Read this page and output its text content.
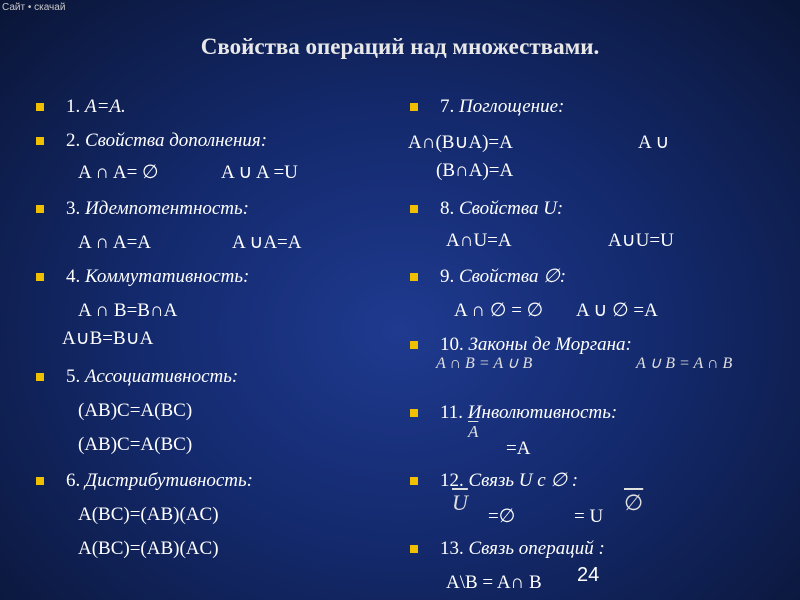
Сайт • скачай
Свойства операций над множествами.
1. A=A.
2. Свойства дополнения:
A ∩ A= ∅	A ∪ A =U
3. Идемпотентность:
A ∩ A=A	A ∪A=A
4. Коммутативность:
A ∩ B=B∩A
A∪B=B∪A
5. Ассоциативность:
(AB)C=A(BC)
(AB)C=A(BC)
6. Дистрибутивность:
A(BC)=(AB)(AC)
A(BC)=(AB)(AC)
7. Поглощение:
A∩(B∪A)=A	A ∪
(B∩A)=A
8. Свойства U:
A∩U=A	A∪U=U
9. Свойства ∅:
A ∩ ∅ = ∅ A ∪ ∅ =A
10. Законы де Моргана:
A ∩ B = A ∪ B	A ∪ B = A ∩ B
11. Инволютивность:
$\overline{A}$
=A
12. Связь U с ∅ :
$\overline{U}$	∅
=∅	= U
13. Связь операций :
A\B = A∩ B 24
